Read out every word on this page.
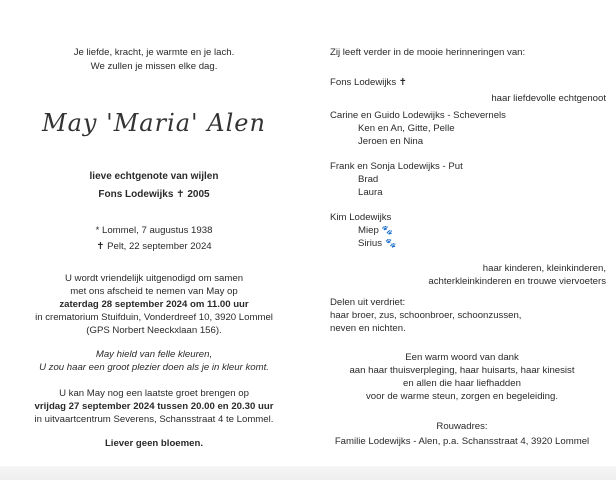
Je liefde, kracht, je warmte en je lach.
We zullen je missen elke dag.
May 'Maria' Alen
lieve echtgenote van wijlen
Fons Lodewijks ✝ 2005
* Lommel, 7 augustus 1938
✝ Pelt, 22 september 2024
U wordt vriendelijk uitgenodigd om samen
met ons afscheid te nemen van May op
zaterdag 28 september 2024 om 11.00 uur
in crematorium Stuifduin, Vonderdreef 10, 3920 Lommel
(GPS Norbert Neeckxlaan 156).
May hield van felle kleuren,
U zou haar een groot plezier doen als je in kleur komt.
U kan May nog een laatste groet brengen op
vrijdag 27 september 2024 tussen 20.00 en 20.30 uur
in uitvaartcentrum Severens, Schansstraat 4 te Lommel.
Liever geen bloemen.
Zij leeft verder in de mooie herinneringen van:
Fons Lodewijks ✝
haar liefdevolle echtgenoot
Carine en Guido Lodewijks - Schevernels
Ken en An, Gitte, Pelle
Jeroen en Nina
Frank en Sonja Lodewijks - Put
Brad
Laura
Kim Lodewijks
Miep 🐾
Sirius 🐾
haar kinderen, kleinkinderen,
achterkleinkinderen en trouwe viervoeters
Delen uit verdriet:
haar broer, zus, schoonbroer, schoonzussen,
neven en nichten.
Een warm woord van dank
aan haar thuisverpleging, haar huisarts, haar kinesist
en allen die haar liefhadden
voor de warme steun, zorgen en begeleiding.
Rouwadres:
Familie Lodewijks - Alen, p.a. Schansstraat 4, 3920 Lommel
